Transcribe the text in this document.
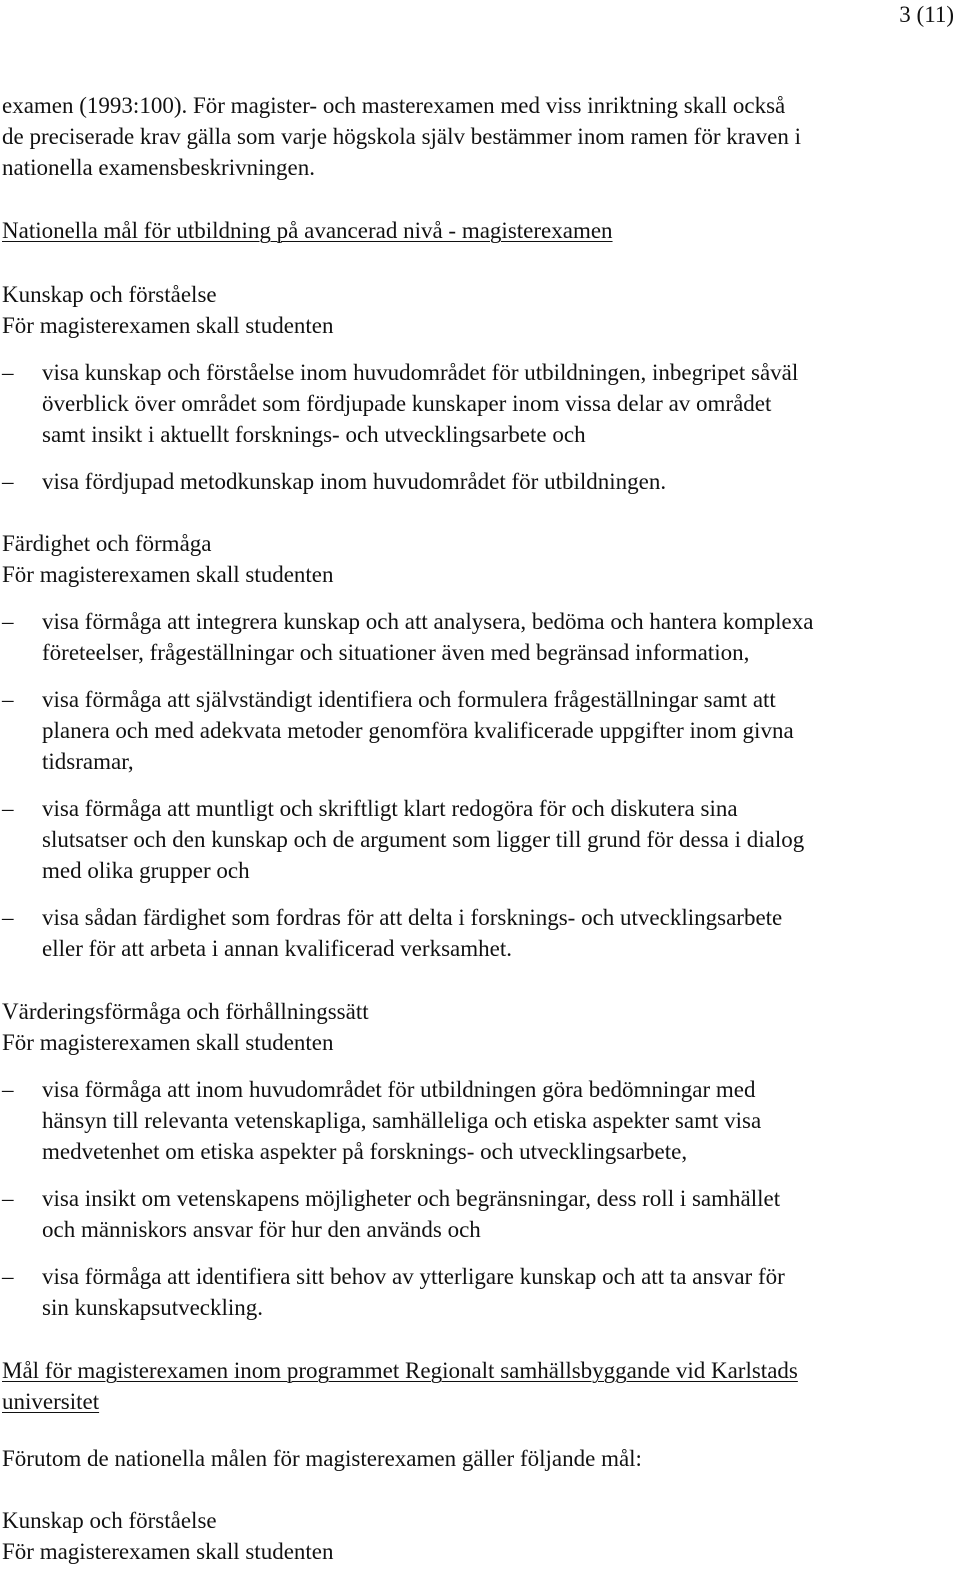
3 (11)
examen (1993:100). För magister- och masterexamen med viss inriktning skall också
de preciserade krav gälla som varje högskola själv bestämmer inom ramen för kraven i
nationella examensbeskrivningen.
Nationella mål för utbildning på avancerad nivå - magisterexamen
Kunskap och förståelse
För magisterexamen skall studenten
–	visa kunskap och förståelse inom huvudområdet för utbildningen, inbegripet såväl
överblick över området som fördjupade kunskaper inom vissa delar av området
samt insikt i aktuellt forsknings- och utvecklingsarbete och
–	visa fördjupad metodkunskap inom huvudområdet för utbildningen.
Färdighet och förmåga
För magisterexamen skall studenten
–	visa förmåga att integrera kunskap och att analysera, bedöma och hantera komplexa
företeelser, frågeställningar och situationer även med begränsad information,
–	visa förmåga att självständigt identifiera och formulera frågeställningar samt att
planera och med adekvata metoder genomföra kvalificerade uppgifter inom givna
tidsramar,
–	visa förmåga att muntligt och skriftligt klart redogöra för och diskutera sina
slutsatser och den kunskap och de argument som ligger till grund för dessa i dialog
med olika grupper och
–	visa sådan färdighet som fordras för att delta i forsknings- och utvecklingsarbete
eller för att arbeta i annan kvalificerad verksamhet.
Värderingsförmåga och förhållningssätt
För magisterexamen skall studenten
–	visa förmåga att inom huvudområdet för utbildningen göra bedömningar med
hänsyn till relevanta vetenskapliga, samhälleliga och etiska aspekter samt visa
medvetenhet om etiska aspekter på forsknings- och utvecklingsarbete,
–	visa insikt om vetenskapens möjligheter och begränsningar, dess roll i samhället
och människors ansvar för hur den används och
–	visa förmåga att identifiera sitt behov av ytterligare kunskap och att ta ansvar för
sin kunskapsutveckling.
Mål för magisterexamen inom programmet Regionalt samhällsbyggande vid Karlstads
universitet
Förutom de nationella målen för magisterexamen gäller följande mål:
Kunskap och förståelse
För magisterexamen skall studenten
